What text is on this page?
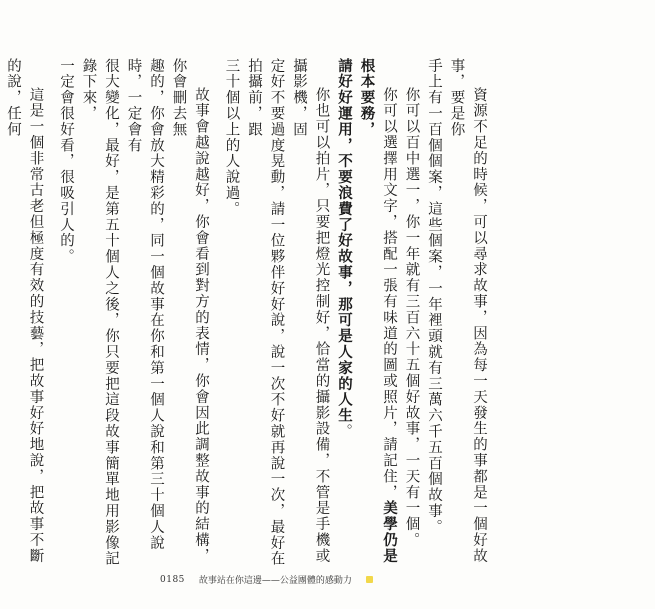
資源不足的時候，可以尋求故事，因為每一天發生的事都是一個好故事，要是你
手上有一百個個案，這些個案，一年裡頭就有三萬六千五百個故事。

你可以百中選一，你一年就有三百六十五個好故事，一天有一個。

你可以選擇用文字，搭配一張有味道的圖或照片，請記住，美學仍是根本要務，
請好好運用，不要浪費了好故事，那可是人家的人生。

你也可以拍片，只要把燈光控制好，恰當的攝影設備，不管是手機或攝影機，固
定好不要過度晃動，請一位夥伴好好說，說一次不好就再說一次，最好在拍攝前，跟
三十個以上的人說過。

故事會越說越好，你會看到對方的表情，你會因此調整故事的結構，你會刪去無
趣的，你會放大精彩的，同一個故事在你和第一個人說和第三十個人說時，一定會有
很大變化，最好，是第五十個人之後，你只要把這段故事簡單地用影像記錄下來，
一定會很好看，很吸引人的。

這是一個非常古老但極度有效的技藝，把故事好好地說，把故事不斷的說，任何

0185 故事站在你這邊——公益團體的感動力
